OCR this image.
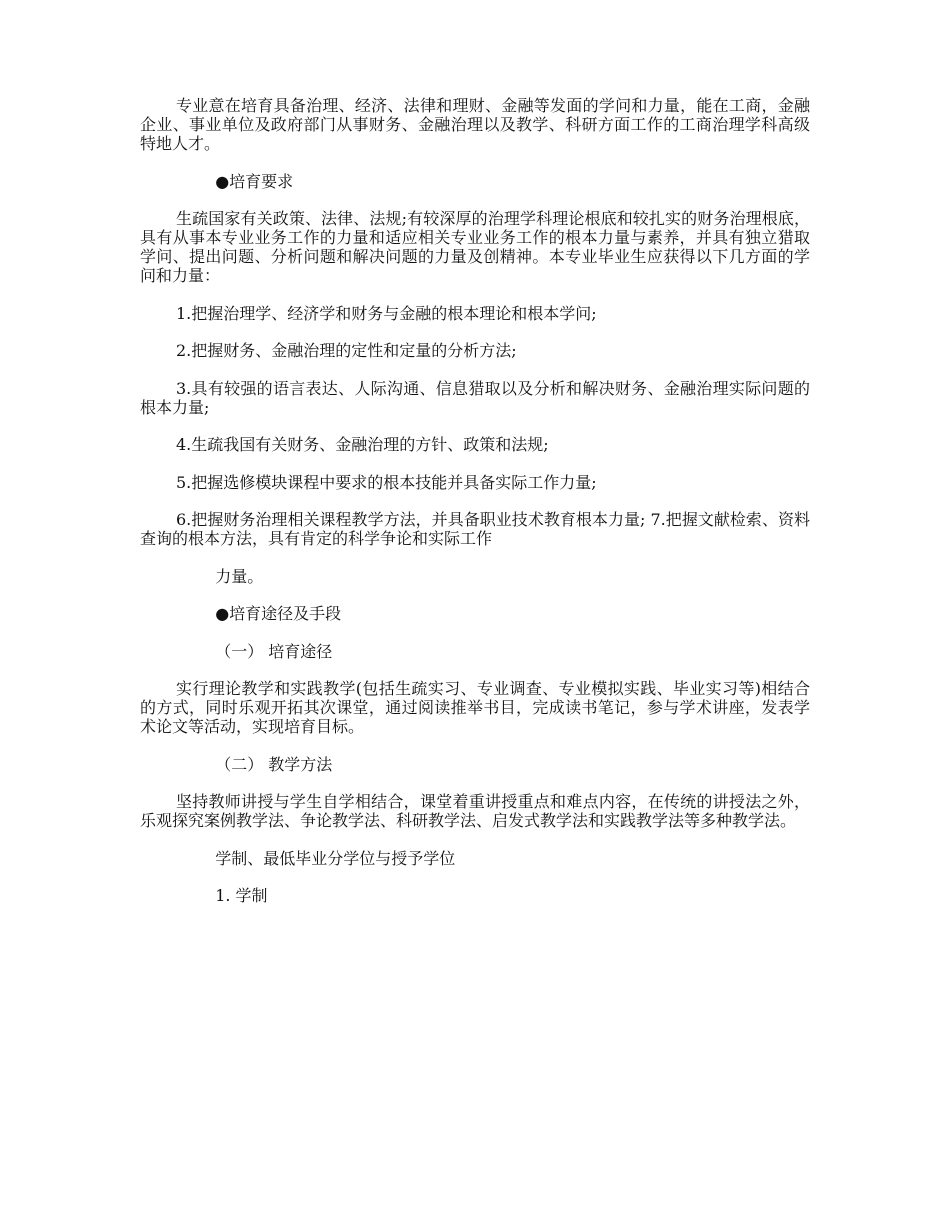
专业意在培育具备治理、经济、法律和理财、金融等发面的学问和力量，能在工商，金融企业、事业单位及政府部门从事财务、金融治理以及教学、科研方面工作的工商治理学科高级特地人才。

●培育要求

生疏国家有关政策、法律、法规;有较深厚的治理学科理论根底和较扎实的财务治理根底，具有从事本专业业务工作的力量和适应相关专业业务工作的根本力量与素养，并具有独立猎取学问、提出问题、分析问题和解决问题的力量及创精神。本专业毕业生应获得以下几方面的学问和力量：

1.把握治理学、经济学和财务与金融的根本理论和根本学问;

2.把握财务、金融治理的定性和定量的分析方法;

3.具有较强的语言表达、人际沟通、信息猎取以及分析和解决财务、金融治理实际问题的根本力量;

4.生疏我国有关财务、金融治理的方针、政策和法规;

5.把握选修模块课程中要求的根本技能并具备实际工作力量;

6.把握财务治理相关课程教学方法，并具备职业技术教育根本力量; 7.把握文献检索、资料查询的根本方法，具有肯定的科学争论和实际工作

力量。

●培育途径及手段

（一） 培育途径

实行理论教学和实践教学(包括生疏实习、专业调查、专业模拟实践、毕业实习等)相结合的方式，同时乐观开拓其次课堂，通过阅读推举书目，完成读书笔记，参与学术讲座，发表学术论文等活动，实现培育目标。

（二） 教学方法

坚持教师讲授与学生自学相结合，课堂着重讲授重点和难点内容，在传统的讲授法之外，乐观探究案例教学法、争论教学法、科研教学法、启发式教学法和实践教学法等多种教学法。

学制、最低毕业分学位与授予学位

1. 学制
